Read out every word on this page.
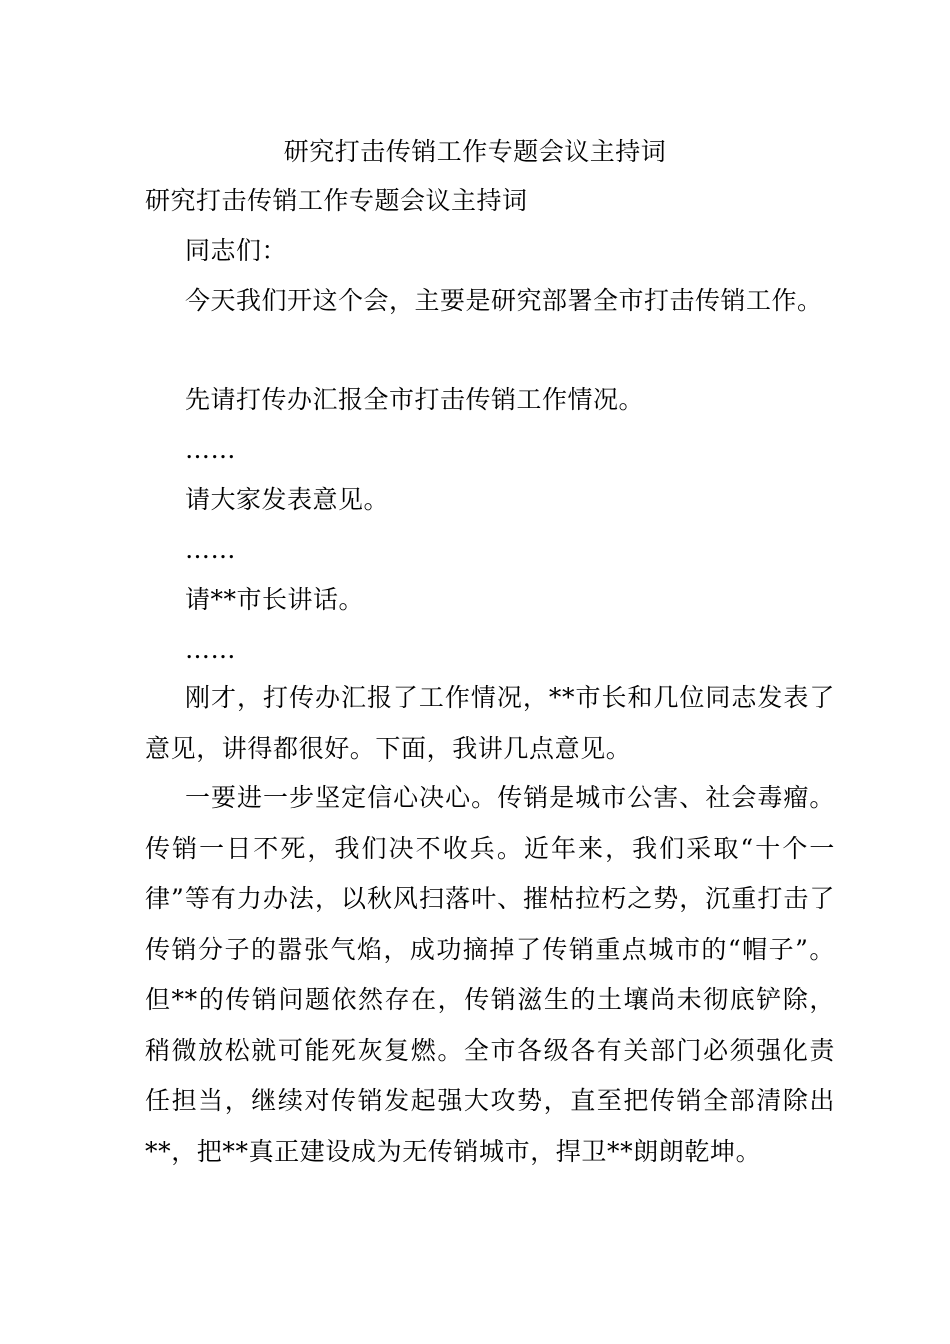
研究打击传销工作专题会议主持词
研究打击传销工作专题会议主持词
同志们：
今天我们开这个会，主要是研究部署全市打击传销工作。
先请打传办汇报全市打击传销工作情况。
……
请大家发表意见。
……
请**市长讲话。
……
刚才，打传办汇报了工作情况，**市长和几位同志发表了意见，讲得都很好。下面，我讲几点意见。
一要进一步坚定信心决心。传销是城市公害、社会毒瘤。传销一日不死，我们决不收兵。近年来，我们采取“十个一律”等有力办法，以秋风扫落叶、摧枯拉朽之势，沉重打击了传销分子的嚣张气焰，成功摘掉了传销重点城市的“帽子”。但**的传销问题依然存在，传销滋生的土壤尚未彻底铲除，稍微放松就可能死灰复燃。全市各级各有关部门必须强化责任担当，继续对传销发起强大攻势，直至把传销全部清除出**，把**真正建设成为无传销城市，捍卫**朗朗乾坤。
